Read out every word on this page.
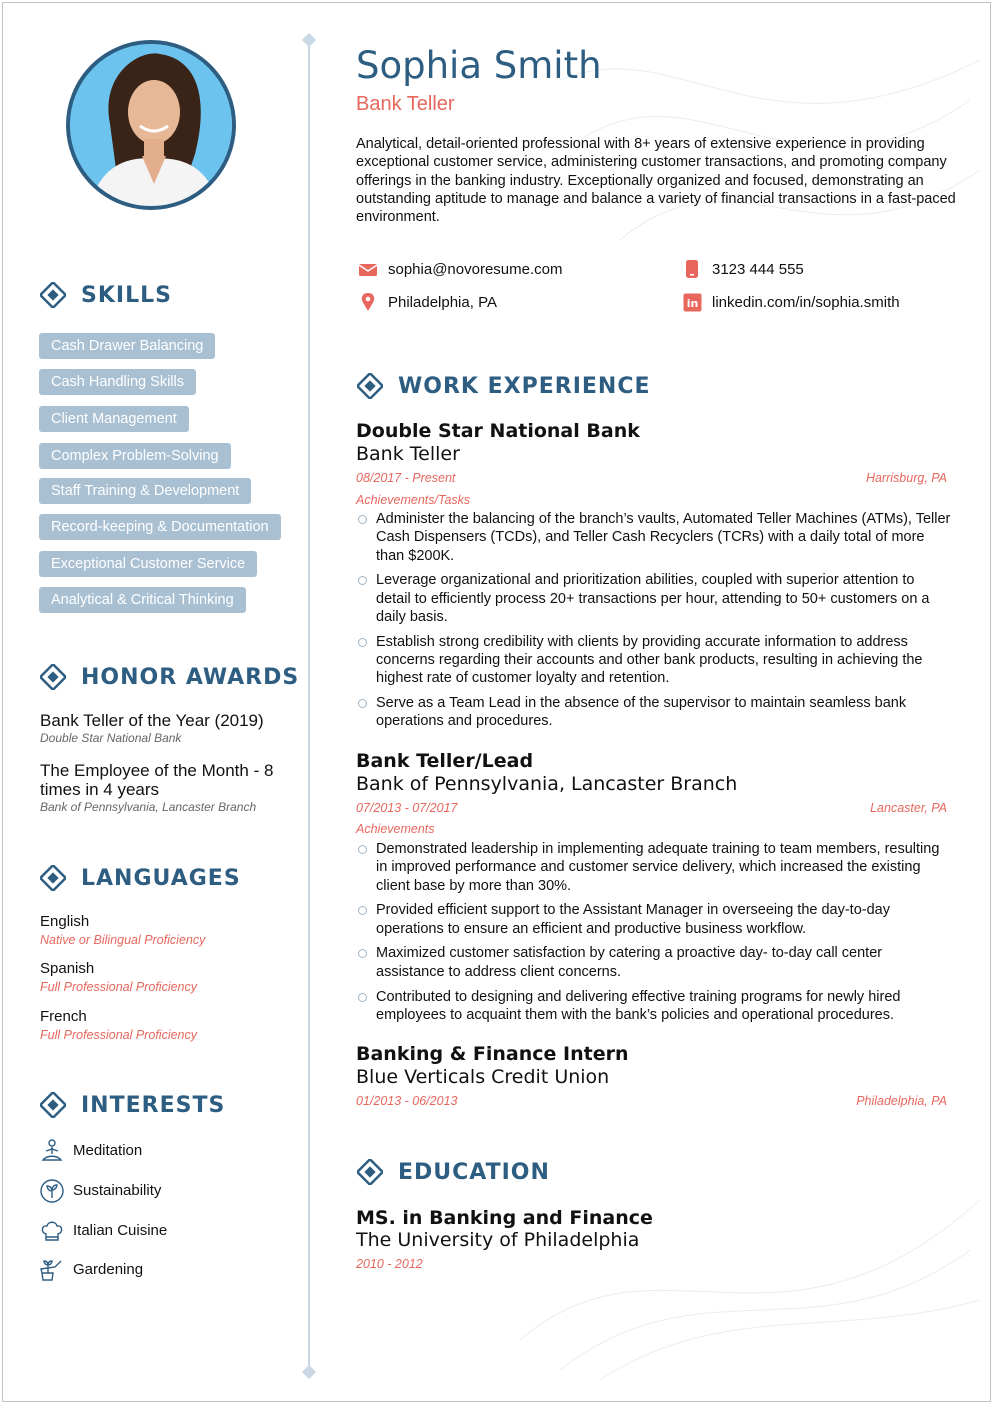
Sophia Smith
Bank Teller
Analytical, detail-oriented professional with 8+ years of extensive experience in providing exceptional customer service, administering customer transactions, and promoting company offerings in the banking industry. Exceptionally organized and focused, demonstrating an outstanding aptitude to manage and balance a variety of financial transactions in a fast-paced environment.
sophia@novoresume.com	3123 444 555
Philadelphia, PA	in linkedin.com/in/sophia.smith
SKILLS
Cash Drawer Balancing
Cash Handling Skills
Client Management
Complex Problem-Solving
Staff Training & Development
Record-keeping & Documentation
Exceptional Customer Service
Analytical & Critical Thinking
HONOR AWARDS
Bank Teller of the Year (2019)
Double Star National Bank
The Employee of the Month - 8 times in 4 years
Bank of Pennsylvania, Lancaster Branch
LANGUAGES
English
Native or Bilingual Proficiency
Spanish
Full Professional Proficiency
French
Full Professional Proficiency
INTERESTS
Meditation
Sustainability
Italian Cuisine
Gardening
WORK EXPERIENCE
Double Star National Bank
Bank Teller
08/2017 - Present	Harrisburg, PA
Achievements/Tasks
Administer the balancing of the branch’s vaults, Automated Teller Machines (ATMs), Teller Cash Dispensers (TCDs), and Teller Cash Recyclers (TCRs) with a daily total of more than $200K.
Leverage organizational and prioritization abilities, coupled with superior attention to detail to efficiently process 20+ transactions per hour, attending to 50+ customers on a daily basis.
Establish strong credibility with clients by providing accurate information to address concerns regarding their accounts and other bank products, resulting in achieving the highest rate of customer loyalty and retention.
Serve as a Team Lead in the absence of the supervisor to maintain seamless bank operations and procedures.
Bank Teller/Lead
Bank of Pennsylvania, Lancaster Branch
07/2013 - 07/2017	Lancaster, PA
Achievements
Demonstrated leadership in implementing adequate training to team members, resulting in improved performance and customer service delivery, which increased the existing client base by more than 30%.
Provided efficient support to the Assistant Manager in overseeing the day-to-day operations to ensure an efficient and productive business workflow.
Maximized customer satisfaction by catering a proactive day- to-day call center assistance to address client concerns.
Contributed to designing and delivering effective training programs for newly hired employees to acquaint them with the bank’s policies and operational procedures.
Banking & Finance Intern
Blue Verticals Credit Union
01/2013 - 06/2013	Philadelphia, PA
EDUCATION
MS. in Banking and Finance
The University of Philadelphia
2010 - 2012
